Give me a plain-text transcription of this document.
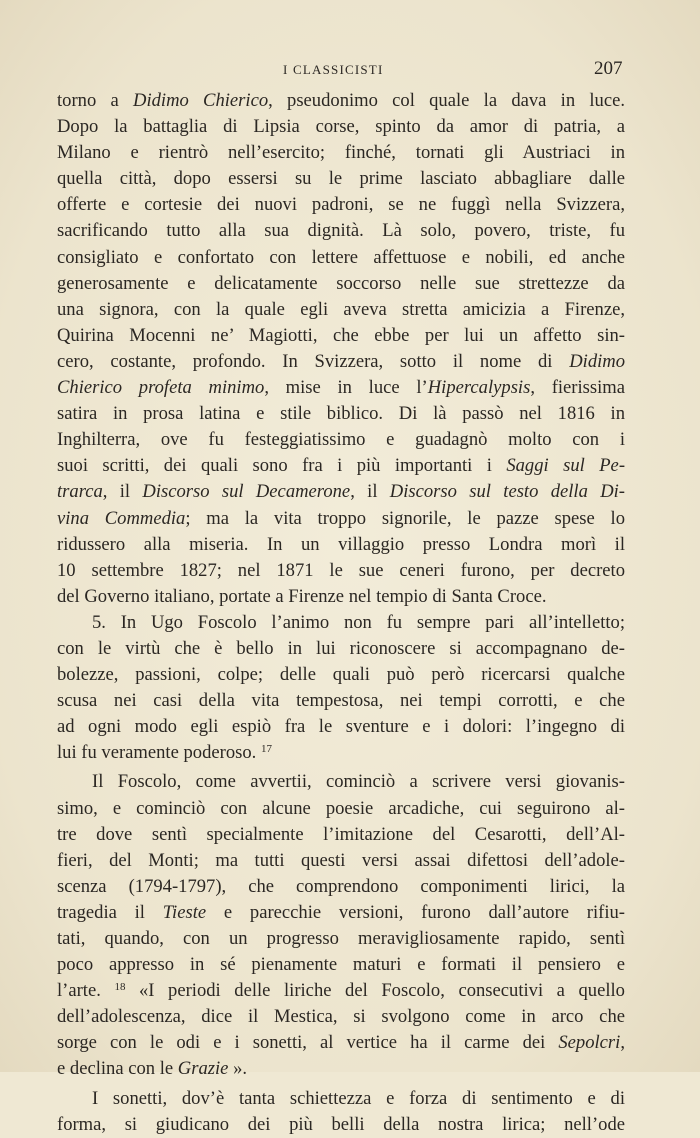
I CLASSICISTI	207
torno a Didimo Chierico, pseudonimo col quale la dava in luce.
Dopo la battaglia di Lipsia corse, spinto da amor di patria, a
Milano e rientrò nell’esercito; finché, tornati gli Austriaci in
quella città, dopo essersi su le prime lasciato abbagliare dalle
offerte e cortesie dei nuovi padroni, se ne fuggì nella Svizzera,
sacrificando tutto alla sua dignità. Là solo, povero, triste, fu
consigliato e confortato con lettere affettuose e nobili, ed anche
generosamente e delicatamente soccorso nelle sue strettezze da
una signora, con la quale egli aveva stretta amicizia a Firenze,
Quirina Mocenni ne’ Magiotti, che ebbe per lui un affetto sin-
cero, costante, profondo. In Svizzera, sotto il nome di Didimo
Chierico profeta minimo, mise in luce l’Hipercalypsis, fierissima
satira in prosa latina e stile biblico. Di là passò nel 1816 in
Inghilterra, ove fu festeggiatissimo e guadagnò molto con i
suoi scritti, dei quali sono fra i più importanti i Saggi sul Pe-
trarca, il Discorso sul Decamerone, il Discorso sul testo della Di-
vina Commedia; ma la vita troppo signorile, le pazze spese lo
ridussero alla miseria. In un villaggio presso Londra morì il
10 settembre 1827; nel 1871 le sue ceneri furono, per decreto
del Governo italiano, portate a Firenze nel tempio di Santa Croce.
5. In Ugo Foscolo l’animo non fu sempre pari all’intelletto;
con le virtù che è bello in lui riconoscere si accompagnano de-
bolezze, passioni, colpe; delle quali può però ricercarsi qualche
scusa nei casi della vita tempestosa, nei tempi corrotti, e che
ad ogni modo egli espiò fra le sventure e i dolori: l’ingegno di
lui fu veramente poderoso. $^{17}$
Il Foscolo, come avvertii, cominciò a scrivere versi giovanis-
simo, e cominciò con alcune poesie arcadiche, cui seguirono al-
tre dove sentì specialmente l’imitazione del Cesarotti, dell’Al-
fieri, del Monti; ma tutti questi versi assai difettosi dell’adole-
scenza (1794-1797), che comprendono componimenti lirici, la
tragedia il Tieste e parecchie versioni, furono dall’autore rifiu-
tati, quando, con un progresso meravigliosamente rapido, sentì
poco appresso in sé pienamente maturi e formati il pensiero e
l’arte. $^{18}$ «I periodi delle liriche del Foscolo, consecutivi a quello
dell’adolescenza, dice il Mestica, si svolgono come in arco che
sorge con le odi e i sonetti, al vertice ha il carme dei Sepolcri,
e declina con le Grazie ».
I sonetti, dov’è tanta schiettezza e forza di sentimento e di
forma, si giudicano dei più belli della nostra lirica; nell’ode
